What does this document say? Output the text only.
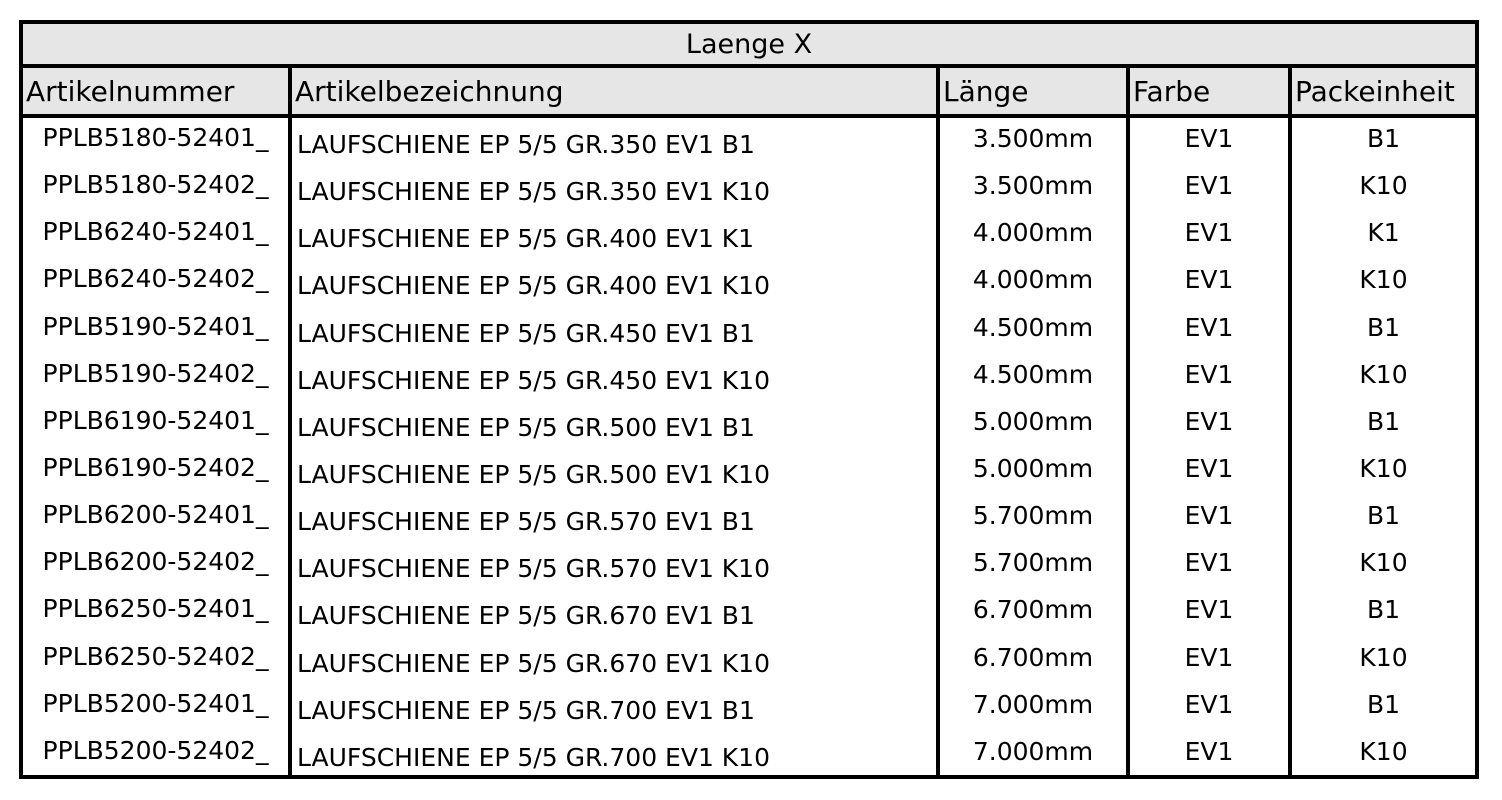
Laenge X
Artikelnummer	Artikelbezeichnung	Länge	Farbe	Packeinheit
PPLB5180-52401_	LAUFSCHIENE EP 5/5 GR.350 EV1 B1	3.500mm	EV1	B1
PPLB5180-52402_	LAUFSCHIENE EP 5/5 GR.350 EV1 K10	3.500mm	EV1	K10
PPLB6240-52401_	LAUFSCHIENE EP 5/5 GR.400 EV1 K1	4.000mm	EV1	K1
PPLB6240-52402_	LAUFSCHIENE EP 5/5 GR.400 EV1 K10	4.000mm	EV1	K10
PPLB5190-52401_	LAUFSCHIENE EP 5/5 GR.450 EV1 B1	4.500mm	EV1	B1
PPLB5190-52402_	LAUFSCHIENE EP 5/5 GR.450 EV1 K10	4.500mm	EV1	K10
PPLB6190-52401_	LAUFSCHIENE EP 5/5 GR.500 EV1 B1	5.000mm	EV1	B1
PPLB6190-52402_	LAUFSCHIENE EP 5/5 GR.500 EV1 K10	5.000mm	EV1	K10
PPLB6200-52401_	LAUFSCHIENE EP 5/5 GR.570 EV1 B1	5.700mm	EV1	B1
PPLB6200-52402_	LAUFSCHIENE EP 5/5 GR.570 EV1 K10	5.700mm	EV1	K10
PPLB6250-52401_	LAUFSCHIENE EP 5/5 GR.670 EV1 B1	6.700mm	EV1	B1
PPLB6250-52402_	LAUFSCHIENE EP 5/5 GR.670 EV1 K10	6.700mm	EV1	K10
PPLB5200-52401_	LAUFSCHIENE EP 5/5 GR.700 EV1 B1	7.000mm	EV1	B1
PPLB5200-52402_	LAUFSCHIENE EP 5/5 GR.700 EV1 K10	7.000mm	EV1	K10
